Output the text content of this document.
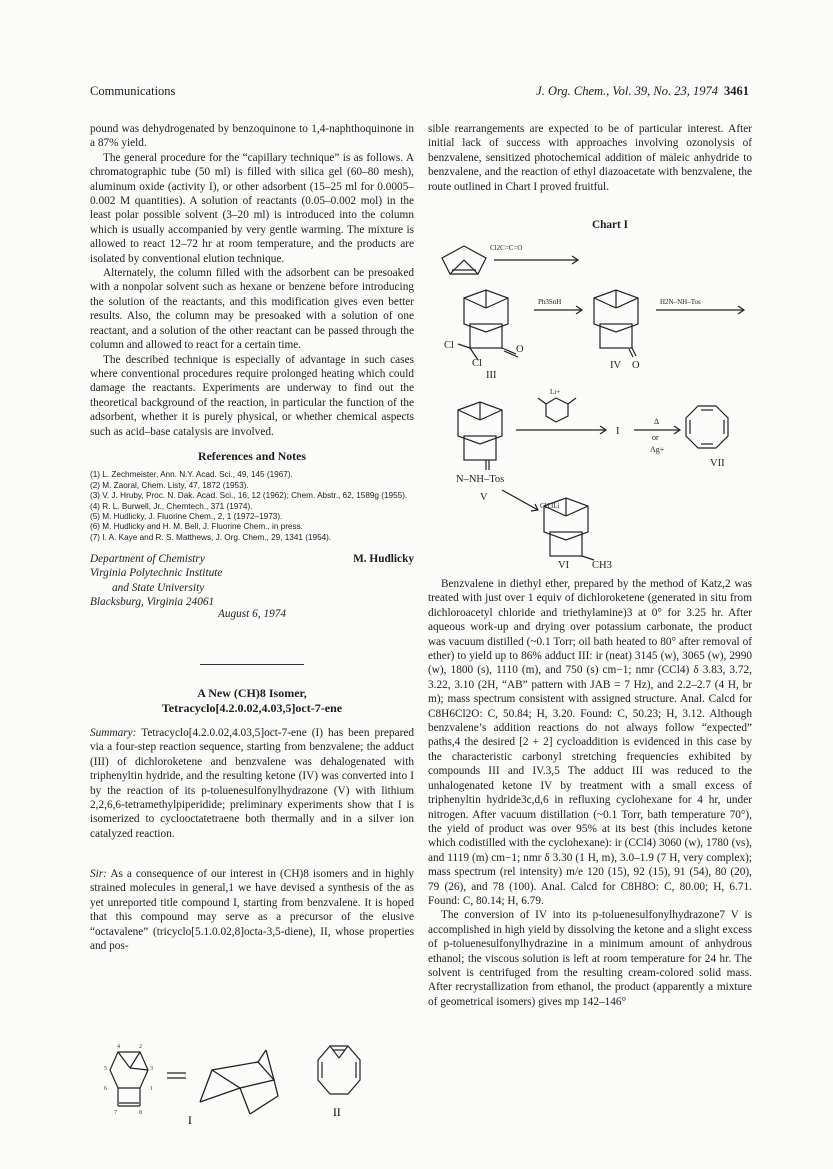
Communications	J. Org. Chem., Vol. 39, No. 23, 1974 3461

pound was dehydrogenated by benzoquinone to 1,4-naphthoquinone in a 87% yield.

The general procedure for the “capillary technique” is as follows. A chromatographic tube (50 ml) is filled with silica gel (60–80 mesh), aluminum oxide (activity I), or other adsorbent (15–25 ml for 0.0005–0.002 M quantities). A solution of reactants (0.05–0.002 mol) in the least polar possible solvent (3–20 ml) is introduced into the column which is usually accompanied by very gentle warming. The mixture is allowed to react 12–72 hr at room temperature, and the products are isolated by conventional elution technique.

Alternately, the column filled with the adsorbent can be presoaked with a nonpolar solvent such as hexane or benzene before introducing the solution of the reactants, and this modification gives even better results. Also, the column may be presoaked with a solution of one reactant, and a solution of the other reactant can be passed through the column and allowed to react for a certain time.

The described technique is especially of advantage in such cases where conventional procedures require prolonged heating which could damage the reactants. Experiments are underway to find out the theoretical background of the reaction, in particular the function of the adsorbent, whether it is purely physical, or whether chemical aspects such as acid–base catalysis are involved.

References and Notes
(1) L. Zechmeister, Ann. N.Y. Acad. Sci., 49, 145 (1967).
(2) M. Zaoral, Chem. Listy, 47, 1872 (1953).
(3) V. J. Hruby, Proc. N. Dak. Acad. Sci., 16, 12 (1962); Chem. Abstr., 62, 1589g (1955).
(4) R. L. Burwell, Jr., Chemtech., 371 (1974).
(5) M. Hudlicky, J. Fluorine Chem., 2, 1 (1972–1973).
(6) M. Hudlicky and H. M. Bell, J. Fluorine Chem., in press.
(7) I. A. Kaye and R. S. Matthews, J. Org. Chem., 29, 1341 (1954).
Department of Chemistry
Virginia Polytechnic Institute
and State University
Blacksburg, Virginia 24061
M. Hudlicky
August 6, 1974
A New (CH)8 Isomer,
Tetracyclo[4.2.0.02,4.03,5]oct-7-ene

Summary: Tetracyclo[4.2.0.02,4.03,5]oct-7-ene (I) has been prepared via a four-step reaction sequence, starting from benzvalene; the adduct (III) of dichloroketene and benzvalene was dehalogenated with triphenyltin hydride, and the resulting ketone (IV) was converted into I by the reaction of its p-toluenesulfonylhydrazone (V) with lithium 2,2,6,6-tetramethylpiperidide; preliminary experiments show that I is isomerized to cyclooctatetraene both thermally and in a silver ion catalyzed reaction.

Sir: As a consequence of our interest in (CH)8 isomers and in highly strained molecules in general,1 we have devised a synthesis of the as yet unreported title compound I, starting from benzvalene. It is hoped that this compound may serve as a precursor of the elusive “octavalene” (tricyclo[5.1.0.02,8]octa-3,5-diene), II, whose properties and pos-

4	2
5	3
6	1
7	8
I
II

sible rearrangements are expected to be of particular interest. After initial lack of success with approaches involving ozonolysis of benzvalene, sensitized photochemical addition of maleic anhydride to benzvalene, and the reaction of ethyl diazoacetate with benzvalene, the route outlined in Chart I proved fruitful.

Chart I
Cl2C=C=O
Ph3SnH	H2N–NH–Tos
Li+
CH3Li
Δ
or
Ag+
Cl
Cl
O
O
III
IV
I
VII
N–NH–Tos
V
CH3
VI

Benzvalene in diethyl ether, prepared by the method of Katz,2 was treated with just over 1 equiv of dichloroketene (generated in situ from dichloroacetyl chloride and triethylamine)3 at 0° for 3.25 hr. After aqueous work-up and drying over potassium carbonate, the product was vacuum distilled (~0.1 Torr; oil bath heated to 80° after removal of ether) to yield up to 86% adduct III: ir (neat) 3145 (w), 3065 (w), 2990 (w), 1800 (s), 1110 (m), and 750 (s) cm−1; nmr (CCl4) δ 3.83, 3.72, 3.22, 3.10 (2H, “AB” pattern with JAB = 7 Hz), and 2.2–2.7 (4 H, br m); mass spectrum consistent with assigned structure. Anal. Calcd for C8H6Cl2O: C, 50.84; H, 3.20. Found: C, 50.23; H, 3.12. Although benzvalene’s addition reactions do not always follow “expected” paths,4 the desired [2 + 2] cycloaddition is evidenced in this case by the characteristic carbonyl stretching frequencies exhibited by compounds III and IV.3,5 The adduct III was reduced to the unhalogenated ketone IV by treatment with a small excess of triphenyltin hydride3c,d,6 in refluxing cyclohexane for 4 hr, under nitrogen. After vacuum distillation (~0.1 Torr, bath temperature 70°), the yield of product was over 95% at its best (this includes ketone which codistilled with the cyclohexane): ir (CCl4) 3060 (w), 1780 (vs), and 1119 (m) cm−1; nmr δ 3.30 (1 H, m), 3.0–1.9 (7 H, very complex); mass spectrum (rel intensity) m/e 120 (15), 92 (15), 91 (54), 80 (20), 79 (26), and 78 (100). Anal. Calcd for C8H8O: C, 80.00; H, 6.71. Found: C, 80.14; H, 6.79.

The conversion of IV into its p-toluenesulfonylhydrazone7 V is accomplished in high yield by dissolving the ketone and a slight excess of p-toluenesulfonylhydrazine in a minimum amount of anhydrous ethanol; the viscous solution is left at room temperature for 24 hr. The solvent is centrifuged from the resulting cream-colored solid mass. After recrystallization from ethanol, the product (apparently a mixture of geometrical isomers) gives mp 142–146°
